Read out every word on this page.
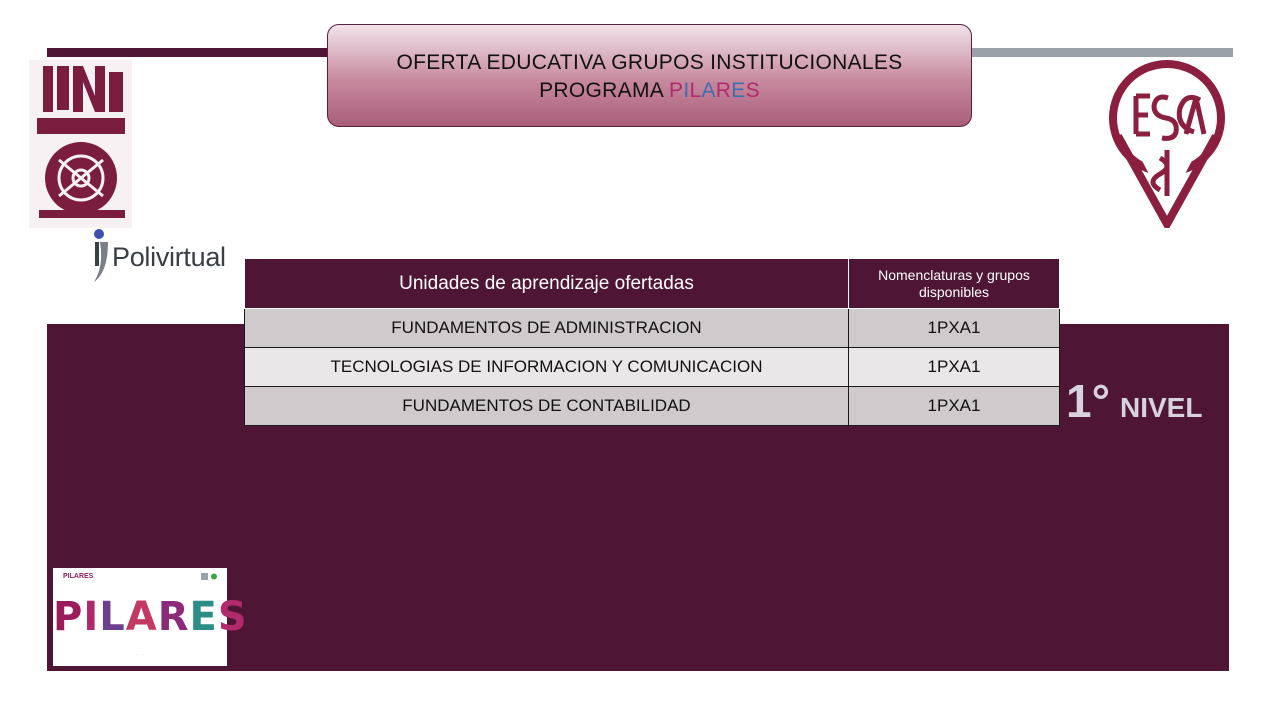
OFERTA EDUCATIVA GRUPOS INSTITUCIONALES
PROGRAMA PILARES
Polivirtual
Unidades de aprendizaje ofertadas	Nomenclaturas y grupos disponibles
FUNDAMENTOS DE ADMINISTRACION	1PXA1
TECNOLOGIAS DE INFORMACION Y COMUNICACION	1PXA1
FUNDAMENTOS DE CONTABILIDAD	1PXA1 1° NIVEL
PILARES
PILARES
· · · · · ·
